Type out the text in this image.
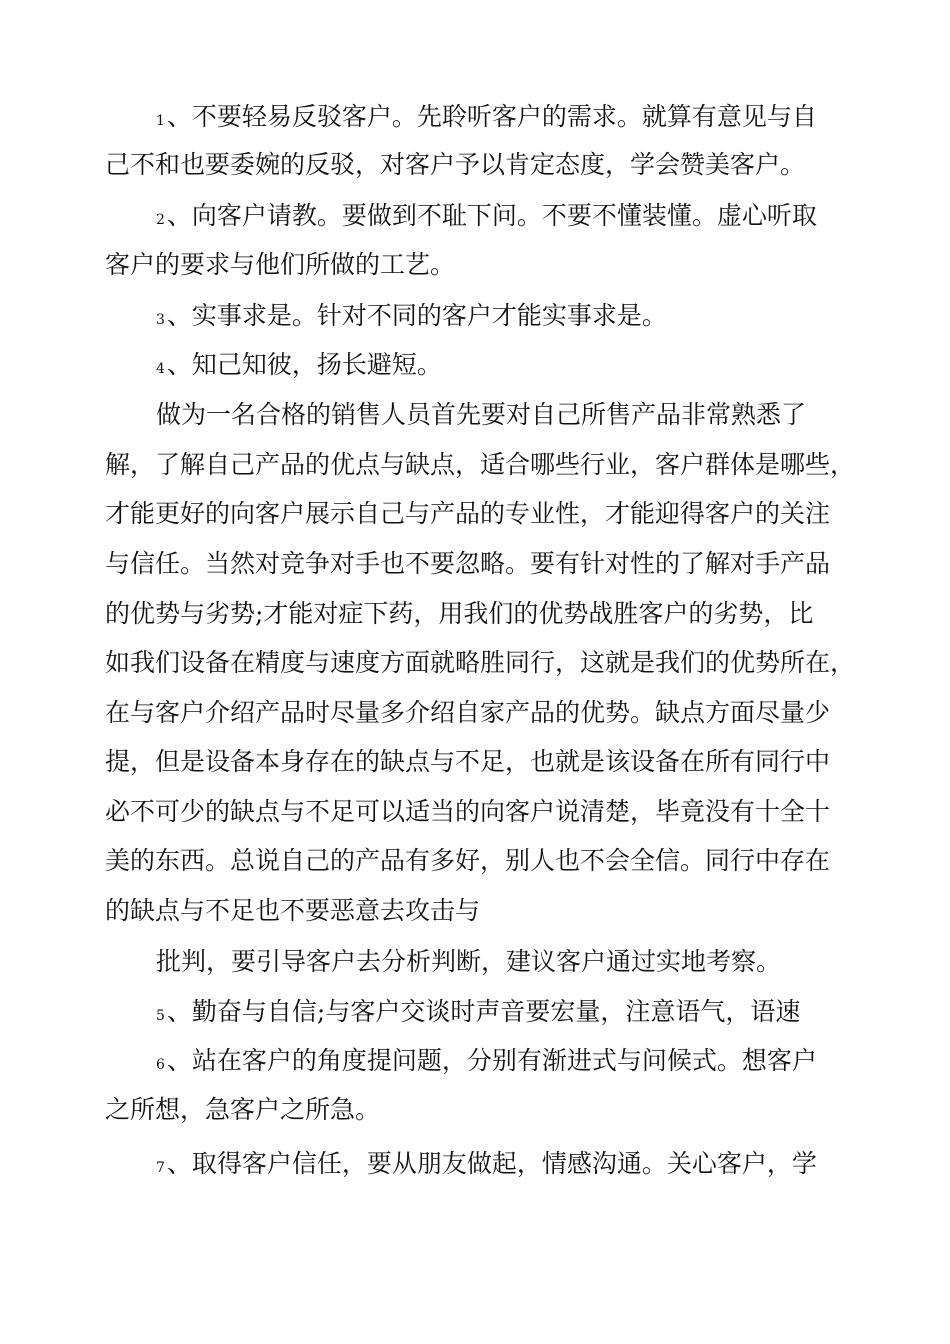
1、不要轻易反驳客户。先聆听客户的需求。就算有意见与自
己不和也要委婉的反驳，对客户予以肯定态度，学会赞美客户。
2、向客户请教。要做到不耻下问。不要不懂装懂。虚心听取
客户的要求与他们所做的工艺。
3、实事求是。针对不同的客户才能实事求是。
4、知己知彼，扬长避短。
做为一名合格的销售人员首先要对自己所售产品非常熟悉了
解，了解自己产品的优点与缺点，适合哪些行业，客户群体是哪些，
才能更好的向客户展示自己与产品的专业性，才能迎得客户的关注
与信任。当然对竞争对手也不要忽略。要有针对性的了解对手产品
的优势与劣势;才能对症下药，用我们的优势战胜客户的劣势，比
如我们设备在精度与速度方面就略胜同行，这就是我们的优势所在，
在与客户介绍产品时尽量多介绍自家产品的优势。缺点方面尽量少
提，但是设备本身存在的缺点与不足，也就是该设备在所有同行中
必不可少的缺点与不足可以适当的向客户说清楚，毕竟没有十全十
美的东西。总说自己的产品有多好，别人也不会全信。同行中存在
的缺点与不足也不要恶意去攻击与
批判，要引导客户去分析判断，建议客户通过实地考察。
5、勤奋与自信;与客户交谈时声音要宏量，注意语气，语速
6、站在客户的角度提问题，分别有渐进式与问候式。想客户
之所想，急客户之所急。
7、取得客户信任，要从朋友做起，情感沟通。关心客户，学
